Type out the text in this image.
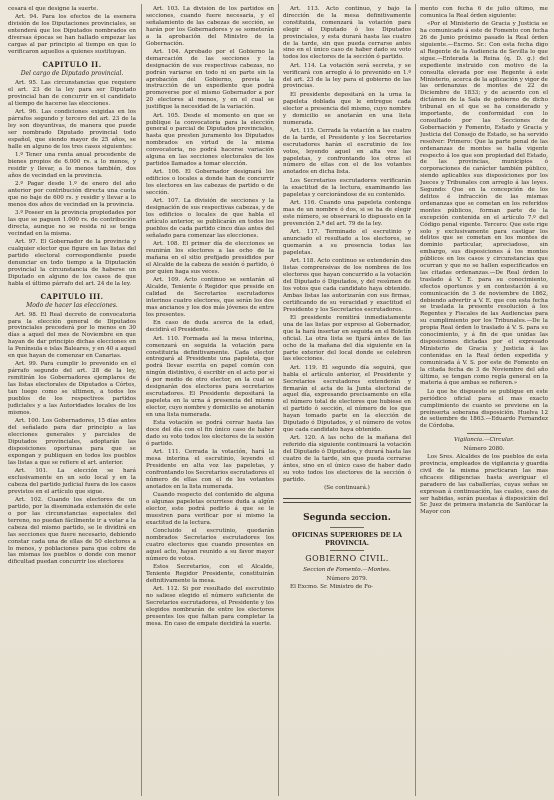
cesará el que designe la suerte.

Art. 94. Para los efectos de la esenera división de los Diputaciones provinciales, se entenderá que los Diputados nombrados en diversas épocas se han hallado empezar las cargas al par principio al tiempo en que lo verificaron aquellos a quienes sustituyan.

CAPITULO II.
Del cargo de Diputado provincial.

Art. 95. Las circunstancias que requiere el art. 23 de la ley para ser Diputado provincial han de concurrir en el candidato al tiempo de hacerse las elecciones.

Art. 96. Las condiciones exigidas en los párrafos segundo y tercero del art. 23 de la ley son disyuntivas, de manera que puede ser nombrado Diputado provincial todo español, que siendo mayor de 25 años, se halle en alguno de los tres casos siguientes:

1.º Tener una renta anual procedente de bienes propios de 6.000 rs. a lo menos, y residir y llevar, a lo menos también, dos años de vecindad en la provincia.

2.º Pagar desde 1.º de enero del año anterior por contribución directa una cuota que no baje de 600 rs. y residir y llevar a lo menos dos años de vecindad en la provincia.

3.º Poseer en la provincia propiedades por las que se paguen 1.000 rs. de contribución directa, aunque no se resida ni se tenga vecindad en la misma.

Art. 97. El Gobernador de la provincia y cualquier elector que figure en las listas del partido electoral correspondiente puede denunciar en todo tiempo a la Diputación provincial la circunstancia de haberse un Diputado en alguno de los casos de que habla el último párrafo del art. 24 de la ley.

CAPITULO III.
Modo de hacer las elecciones.

Art. 98. El Real decreto de convocatoria para la elección general de Diputados provinciales precederá por lo menos en 30 días a aquel del mes de Noviembre en que hayan de dar principio dichas elecciones en la Península e islas Baleares, y en 40 a aquel en que hayan de comenzar en Canarias.

Art. 99. Para cumplir lo prevenido en el párrafo segundo del art. 28 de la ley, remitirán los Gobernadores ejemplares de las listas electorales de Diputados a Córtes, tan luego como se ultimen, a todos los pueblos de los respectivos partidos judiciales y a las Autoridades locales de los mismos.

Art. 100. Los Gobernadores, 15 días antes del señalado para dar principio a las elecciones generales y parciales de Diputados provinciales, adoptarán las disposiciones oportunas para que se expongan y publiquen en todos los pueblos las listas a que se refiere el art. anterior.

Art. 101. La elección se hará exclusivamente en un solo local y en la cabeza del partido judicial fuera de los casos previstos en el artículo que sigue.

Art. 102. Cuando los electores de un partido, por la diseminada extensión de este o por las circunstancias especiales del terreno, no puedan fácilmente ir a votar a la cabeza del mismo partido, se le dividirá en las secciones que fuere necesario, debiendo constar cada una de ellas de 50 electores a lo menos, y poblaciones para que cobre de las mismas los pueblos o donde con menor dificultad puedan concurrir los electores

Art. 103. La división de los partidos en secciones, cuando fuere necesaria, y el señalamiento de las cabezas de sección, se harán por los Gobernadores y se someterán a la aprobación del Ministro de la Gobernación.

Art. 104. Aprobado por el Gobierno la demarcación de las secciones y la designación de sus respectivas cabezas, no podrán variarse en todo ni en parte sin la aprobación del Gobierno, previa la instrucción de un expediente que podrá promoverse por el mismo Gobernador a por 20 electores al menos, y en el cual se justifique la necesidad de la variación.

Art. 105. Desde el momento en que se publique la convocatoria para la elección general o parcial de Diputados provinciales, hasta que presten juramento los Diputados nombrados en virtud de la misma convocatoria, no podrá hacerse variación alguna en las secciones electorales de los partidos llamados a tomar elección.

Art. 106. El Gobernador designará los edificios o locales a donde han de concurrir los electores en las cabezas de partido o de sección.

Art. 107. La división de secciones y la designación de sus respectivas cabezas, y de los edificios o locales de que habla el artículo anterior, se publicarán en todos los pueblos de cada partido cinco días antes del señalado para comenzar las elecciones.

Art. 108. El primer día de elecciones se reunirán los electores a las ocho de la mañana en el sitio prefijado presididos por el Alcalde de la cabeza de sesión ó partido, ó por quien haga sus veces.

Art. 109. Acto continuo se sentarán al Alcalde, Teniente ó Regidor que preside en calidad de Secretarios escrutadores interinos cuatro electores, que serán los dos mas ancianos y los dos más jóvenes de entre los presentes.

En caso de duda acerca de la edad, decidirá el Presidente.

Art. 110. Formada así la mesa interina, comenzará en seguida la votación para constituirla definitivamente. Cada elector entregará al Presidente una papeleta, que podrá llevar escrita en papel común con ningún distintivo, ó escribir en el acto por sí ó por medio de otro elector, en la cual se designarán dos electores para secretarios escrutadores. El Presidente depositará la papeleta en la urna á presencia del mismo elector, cuyo nombre y domicilio se anotarán en una lista numerada.

Esta votación se podrá cerrar hasta las doce del día con el fin único caso de haber dado su voto todos los electores de la sesión ó partido.

Art. 111. Cerrada la votación, hará la mesa interina el escrutinio, leyendo el Presidente en alta voz las papeletas, y confrontando los Secretarios escrutadores el número de ellas con el de los votantes anotados en la lista numerada.

Cuando respecto del contenido de alguna o algunas papeletas ocurriese duda a algún elector, este podrá pedirlo á que se le muestren para verificar por sí mismo la exactitud de la lectura.

Concluido el escrutinio, quedarán nombrados Secretarios escrutadores los cuatro electores que cuando presentes en aquel acto, hayan reunido a su favor mayor número de votos.

Estos Secretarios, con el Alcalde, Teniente Regidor Presidente, constituirán definitivamente la mesa.

Art. 112. Si por resultado del escrutinio no saliese elegido el número suficiente de Secretarios escrutadores, el Presidente y los elegidos nombrarán de entre los electores presentes los que faltan para completar la mesa. En caso de empate decidirá la suerte.

Art. 113. Acto continuo, y bajo la dirección de la mesa definitivamente constituida, comenzará la votación para elegir el Diputado ó los Diputados provinciales, y esta durará hasta las cuatro de la tarde, sin que pueda cerrarse antes sino en el único caso de haber dado su voto todos los electores de la sección ó partido.

Art. 114. La votación será secreta, y se verificará con arreglo á lo prevenido en 1.º del art. 23 de la ley para el gobierno de las provincias.

El presidente depositará en la urna la papeleta doblada que le entregue cada elector a presencia del mismo, cuyo nombre y domicilio se anotarán en una lista numerada.

Art. 115. Cerrada la votación a las cuatro de la tarde, el Presidente y los Secretarios escrutadores harán el escrutinio de los votos, leyendo aquel en alta voz las papeletas, y confrontando los otros el número de ellas con el de los votantes anotados en dicha lista.

Los Secretarios escrutadores verificarán la exactitud de la lectura, examinando las papeletas y cerciorándose de su contenido.

Art. 116. Cuando una papeleta contenga mas de un nombre ó dos, si se ha de elegir este número, se observará lo dispuesto en la prevención 2.ª del art. 79 de la ley.

Art. 117. Terminado el escrutinio y anunciado el resultado a los electores, se quemarán a su presencia todas las papeletas.

Art. 118. Acto continuo se extenderán dos listas comprensivas de los nombres de los electores que hayan concurrido a la votación del Diputado ó Diputados, y del resúmen de los votos que cada candidato haya obtenido. Ambas listas las autorizarán con sus firmas, certificando de su veracidad y exactitud el Presidente y los Secretarios escrutadores.

El presidente remitirá inmediatamente una de las listas por expreso al Gobernador, que la hará insertar en seguida en el Boletín oficial. La otra lista se fijará ántes de las ocho de la mañana del día siguiente en la parte exterior del local donde se celebren las elecciones.

Art. 119. El segundo día seguirá, que habla el artículo anterior, el Presidente y Secretarios escrutadores extenderán y firmarán el acta de la Junta electoral de aquel día, expresando precisamente en ella el número total de electores que hubiese en el partido ó sección, el número de los que hayan tomado parte en la elección de Diputado ó Diputados, y el número de votos que cada candidato haya obtenido.

Art. 120. A las ocho de la mañana del referido día siguiente continuará la votación del Diputado ó Diputados, y durará hasta las cuatro de la tarde, sin que pueda cerrarse ántes, sino en el único caso de haber dado su voto todos los electores de la sección ó partido.

(Se continuará.)

Segunda seccion.
OFICINAS SUPERIORES DE LA PROVINCIA.
GOBIERNO CIVIL.

Seccion de Fomento.—Montes.

Número 2079.

El Excmo. Sr. Ministro de Fo-

mento con fecha 6 de julio último, me comunica la Real órden siguiente:

«Por el Ministerio de Gracia y Justicia se ha comunicado á este de Fomento con fecha 26 de Junio próximo pasado la Real órden siguiente.—Excmo. Sr.: Con esta fecha digo al Regente de la Audiencia de Sevilla lo que sigue.—Enterada la Reina (q. D. g.) del expediente instruido con motivo de la consulta elevada por ese Regente á este Ministerio, acerca de la aplicación y vigor de las ordenanzas de montes de 22 de Diciembre de 1833; y de acuerdo con el dictámen de la Sala de gobierno de dicho tribunal en el que se ha considerado y importante, de conformidad con lo consultado por las Secciones de Gobernación y Fomento, Estado y Gracia y Justicia del Consejo de Estado, se ha servido resolver: Primero: Que la parte penal de las ordenanzas de montes se halla vigente respecto á los que son propiedad del Estado, de las provincias, municipios ó corporaciones de carácter también público, siendo aplicables sus disposiciones por los Jueces y Tribunales con arreglo á las leyes. Segundo: Que en la concepción de los delitos é infracción de las mismas ordenanzas que se cometan en los referidos montes públicos, forman parte de la excepción contenida en el artículo 7.º del Código penal vigente. Tercero: Que este rige solo y exclusivamente para castigar los delitos que se cometan en los montes de dominio particular, apreciadose, sin embargo, sus disposiciones á los montes públicos en los casos y circunstancias que ocurran y que no se hallen especificados en las citadas ordenanzas.—De Real órden lo traslado á V. E. para su conocimiento, efectos oportunos y en contestación á su comunicación de 3 de noviembre de 1862, debiendo advertir a V. E. que con esta fecha se traslada la presente resolución á los Regentes y Fiscales de las Audiencias para su cumplimiento por los Tribunales.—De la propia Real órden lo traslado á V. S. para su conocimiento, y á fin de que unidas las disposiciones dictadas por el expresado Ministerio de Gracia y Justicia á las contenidas en la Real órden expedida y comunicada á V. S. por este de Fomento en la citada fecha de 3 de Noviembre del año último, se tengan como regla general en la materia á que ambas se refieren.»

Lo que he dispuesto se publique en este periódico oficial para el mas exacto cumplimiento de cuanto se previene en la preinserta soberana disposición. Huelva 12 de setiembre de 1863.—Eduardo Fernandez de Córdoba.

Vigilancia.—Circular.

Número 2080.

Los Sres. Alcaldes de los pueblos de esta provincia, empleados de vigilancia y guardia civil de la misma practicaran las mas eficaces diligencias hasta averiguar el paradero de las caballerías, cuyas señas se expresan á continuación, las cuales, caso de ser habidas, serán puestas á disposición del Sr. Juez de primera instancia de Sanlúcar la Mayor con
